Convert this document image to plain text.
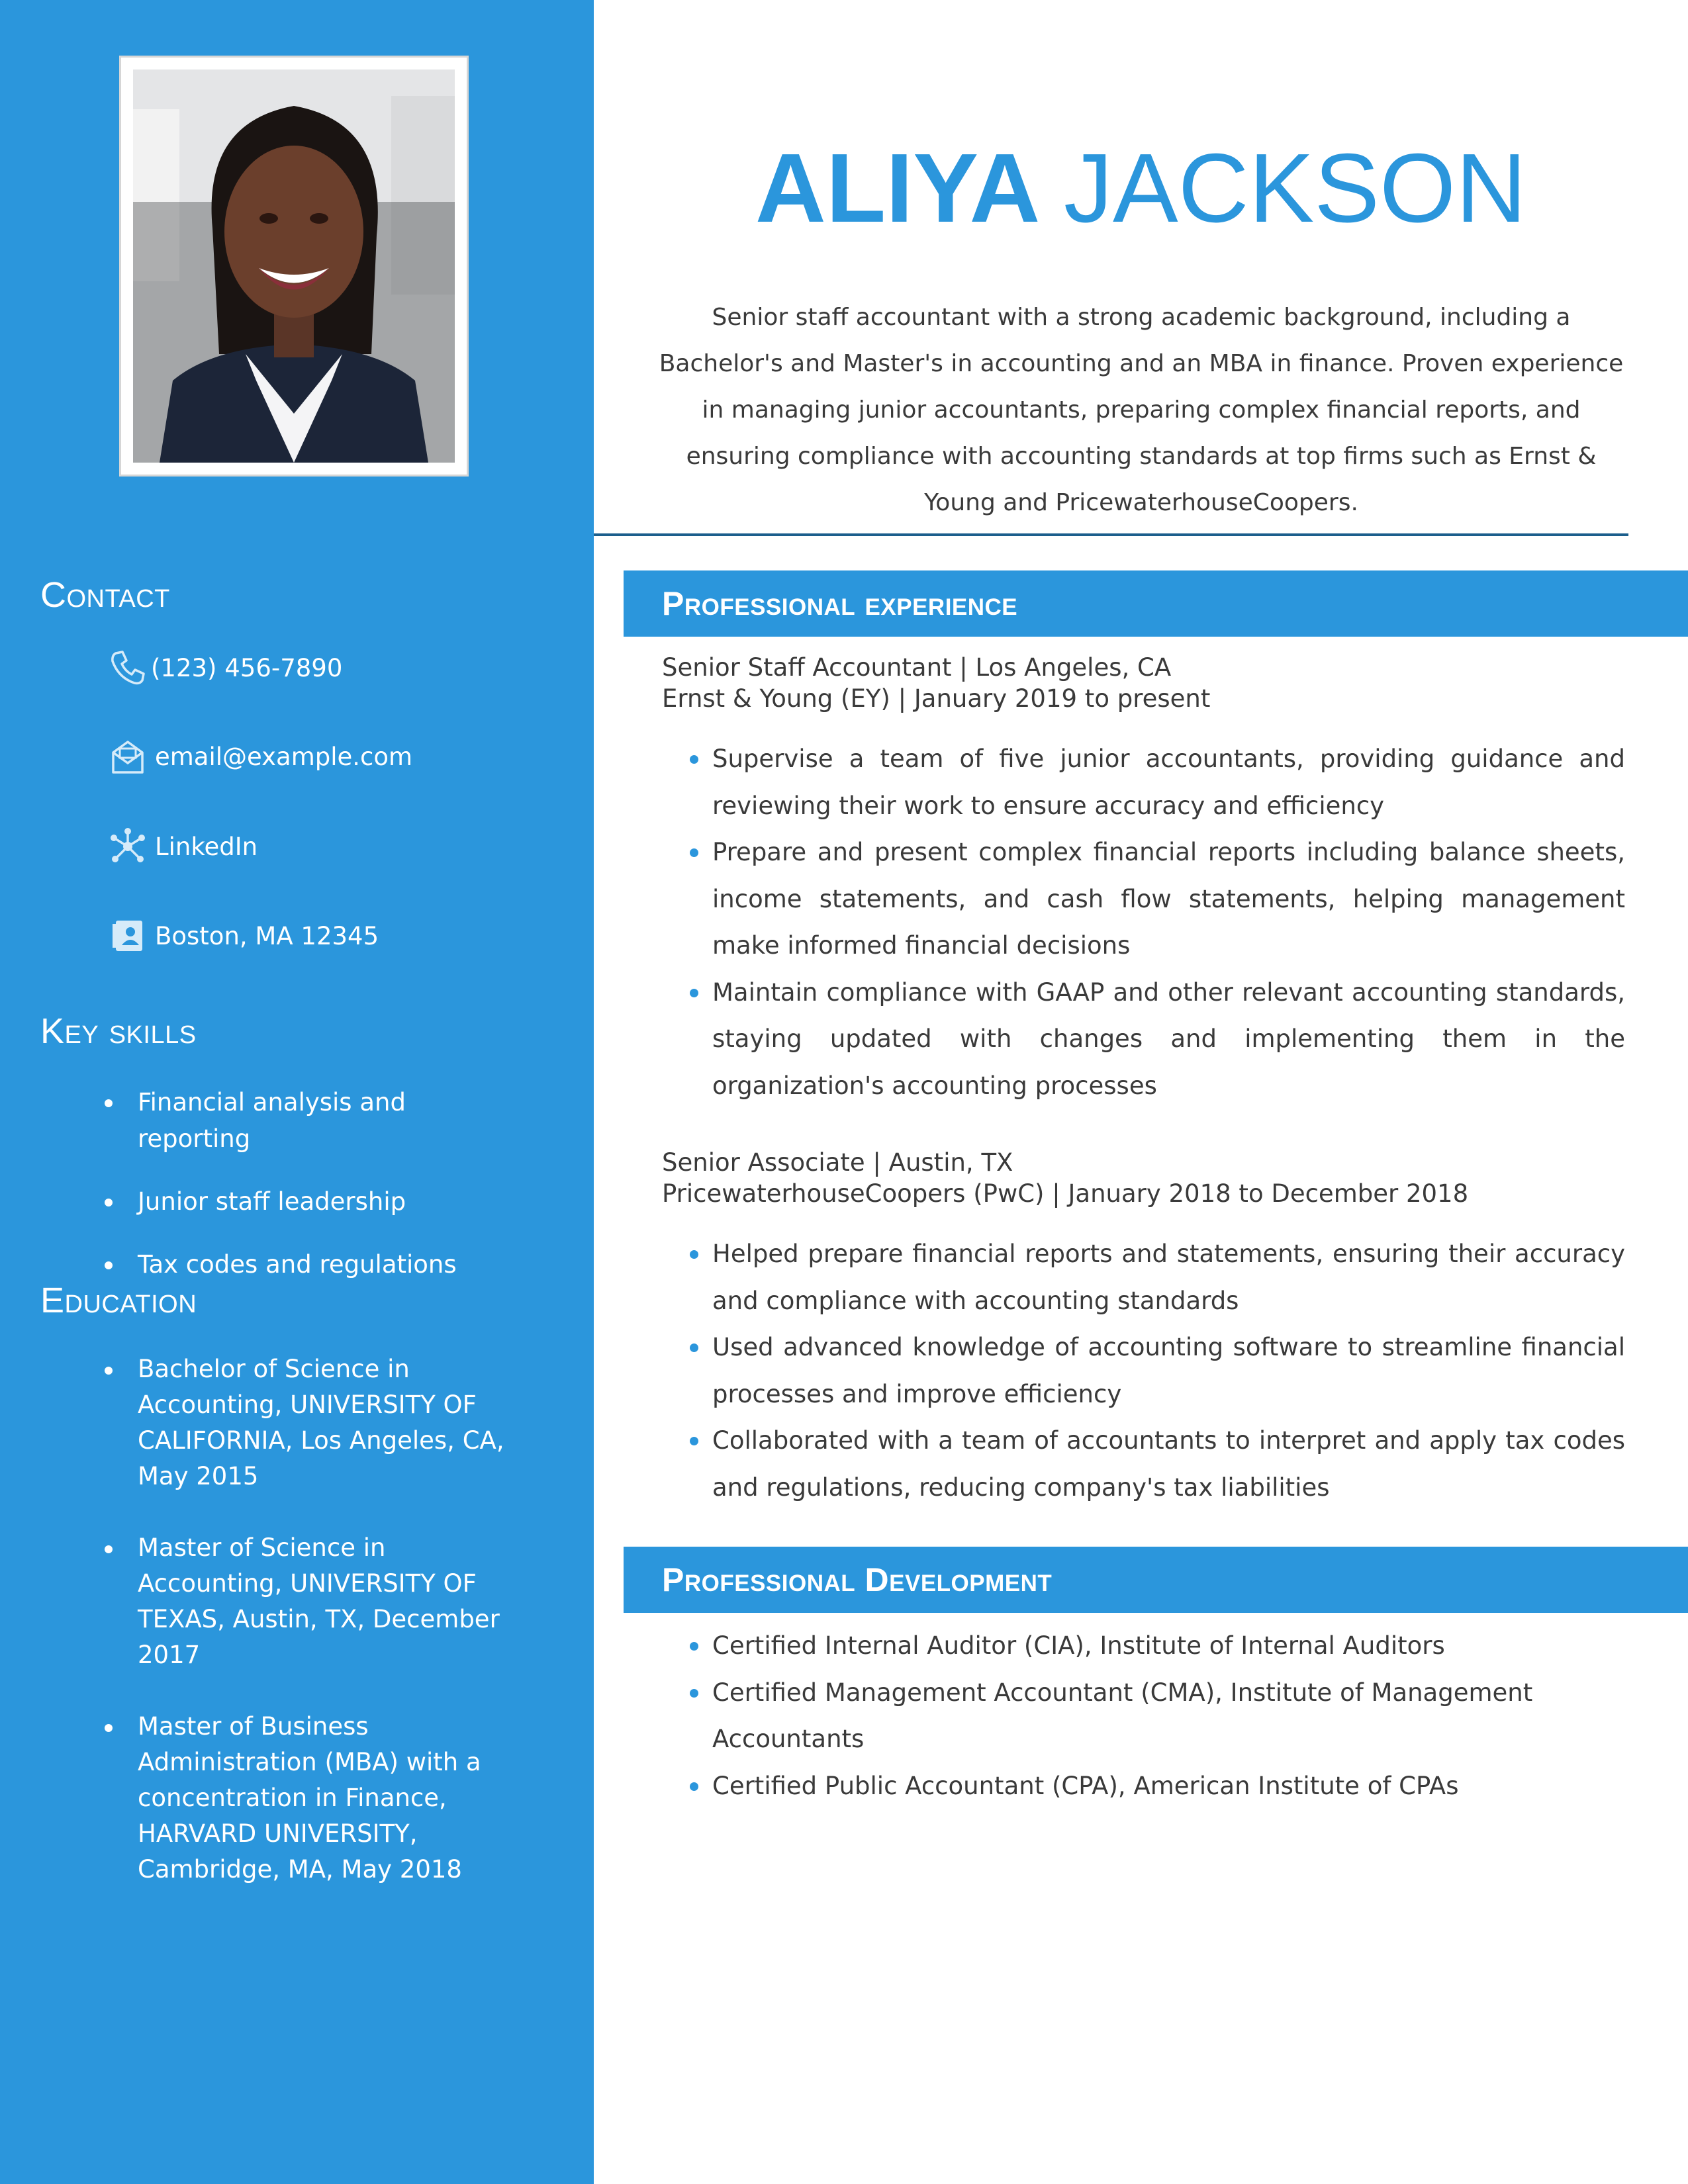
Contact
(123) 456-7890
email@example.com
LinkedIn
Boston, MA 12345
Key skills
Financial analysis and reporting
Junior staff leadership
Tax codes and regulations
Education
Bachelor of Science in Accounting, UNIVERSITY OF CALIFORNIA, Los Angeles, CA, May 2015
Master of Science in Accounting, UNIVERSITY OF TEXAS, Austin, TX, December 2017
Master of Business Administration (MBA) with a concentration in Finance, HARVARD UNIVERSITY, Cambridge, MA, May 2018
ALIYA JACKSON

Senior staff accountant with a strong academic background, including a Bachelor's and Master's in accounting and an MBA in finance. Proven experience in managing junior accountants, preparing complex financial reports, and ensuring compliance with accounting standards at top firms such as Ernst & Young and PricewaterhouseCoopers.

Professional experience
Senior Staff Accountant | Los Angeles, CA
Ernst & Young (EY) | January 2019 to present
Supervise a team of five junior accountants, providing guidance and reviewing their work to ensure accuracy and efficiency
Prepare and present complex financial reports including balance sheets, income statements, and cash flow statements, helping management make informed financial decisions
Maintain compliance with GAAP and other relevant accounting standards, staying updated with changes and implementing them in the organization's accounting processes
Senior Associate | Austin, TX
PricewaterhouseCoopers (PwC) | January 2018 to December 2018
Helped prepare financial reports and statements, ensuring their accuracy and compliance with accounting standards
Used advanced knowledge of accounting software to streamline financial processes and improve efficiency
Collaborated with a team of accountants to interpret and apply tax codes and regulations, reducing company's tax liabilities
Professional Development
Certified Internal Auditor (CIA), Institute of Internal Auditors
Certified Management Accountant (CMA), Institute of Management Accountants
Certified Public Accountant (CPA), American Institute of CPAs
